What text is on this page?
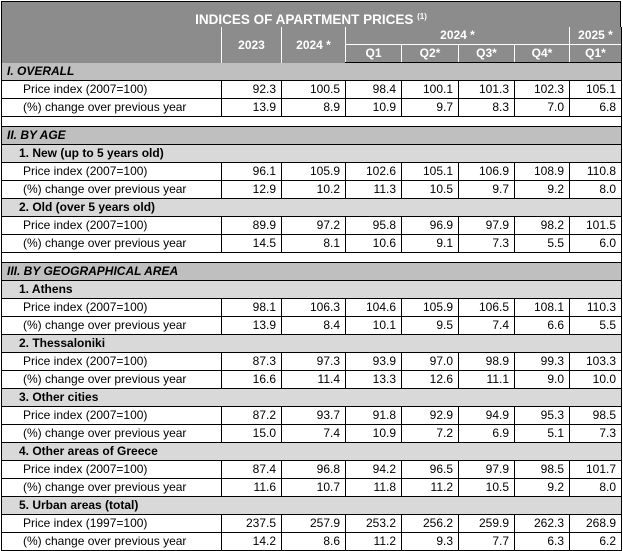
INDICES OF APARTMENT PRICES $^{(1)}$
	2023	2024 *	2024 *				2025 *
			Q1	Q2*	Q3*	Q4*	Q1*
I. OVERALL							
Price index (2007=100)	92.3	100.5	98.4	100.1	101.3	102.3	105.1
(%) change over previous year	13.9	8.9	10.9	9.7	8.3	7.0	6.8

II. BY AGE							
1. New (up to 5 years old)							
Price index (2007=100)	96.1	105.9	102.6	105.1	106.9	108.9	110.8
(%) change over previous year	12.9	10.2	11.3	10.5	9.7	9.2	8.0
2. Old (over 5 years old)							
Price index (2007=100)	89.9	97.2	95.8	96.9	97.9	98.2	101.5
(%) change over previous year	14.5	8.1	10.6	9.1	7.3	5.5	6.0

III. BY GEOGRAPHICAL AREA							
1. Athens							
Price index (2007=100)	98.1	106.3	104.6	105.9	106.5	108.1	110.3
(%) change over previous year	13.9	8.4	10.1	9.5	7.4	6.6	5.5
2. Thessaloniki							
Price index (2007=100)	87.3	97.3	93.9	97.0	98.9	99.3	103.3
(%) change over previous year	16.6	11.4	13.3	12.6	11.1	9.0	10.0
3. Other cities							
Price index (2007=100)	87.2	93.7	91.8	92.9	94.9	95.3	98.5
(%) change over previous year	15.0	7.4	10.9	7.2	6.9	5.1	7.3
4. Other areas of Greece							
Price index (2007=100)	87.4	96.8	94.2	96.5	97.9	98.5	101.7
(%) change over previous year	11.6	10.7	11.8	11.2	10.5	9.2	8.0
5. Urban areas (total)							
Price index (1997=100)	237.5	257.9	253.2	256.2	259.9	262.3	268.9
(%) change over previous year	14.2	8.6	11.2	9.3	7.7	6.3	6.2
